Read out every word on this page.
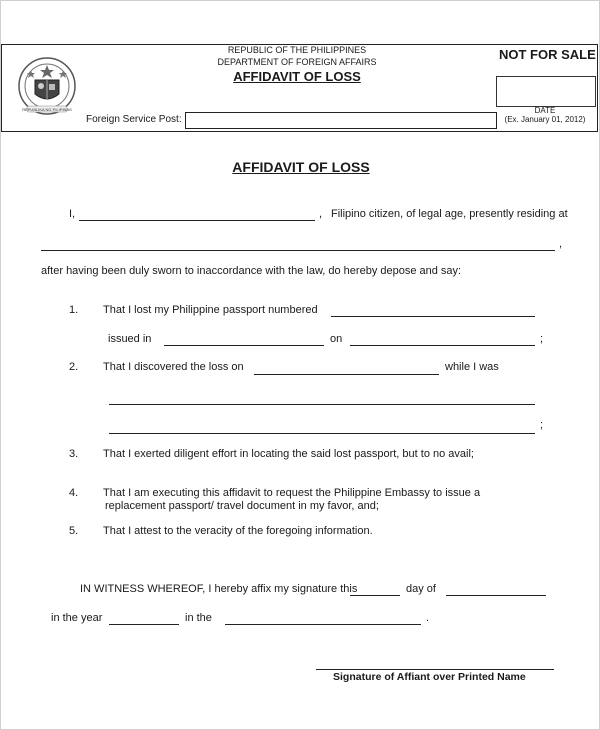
REPUBLIKA NG PILIPINAS
REPUBLIC OF THE PHILIPPINES
DEPARTMENT OF FOREIGN AFFAIRS
AFFIDAVIT OF LOSS
NOT FOR SALE
DATE
(Ex. January 01, 2012)
Foreign Service Post:
AFFIDAVIT OF LOSS
I,	, Filipino citizen, of legal age, presently residing at
,
after having been duly sworn to inaccordance with the law, do hereby depose and say:
1. That I lost my Philippine passport numbered
issued in	on	;
2. That I discovered the loss on	while I was
;
3. That I exerted diligent effort in locating the said lost passport, but to no avail;
4. That I am executing this affidavit to request the Philippine Embassy to issue a
replacement passport/ travel document in my favor, and;
5. That I attest to the veracity of the foregoing information.
IN WITNESS WHEREOF, I hereby affix my signature this	day of
in the year	in the	.
Signature of Affiant over Printed Name
